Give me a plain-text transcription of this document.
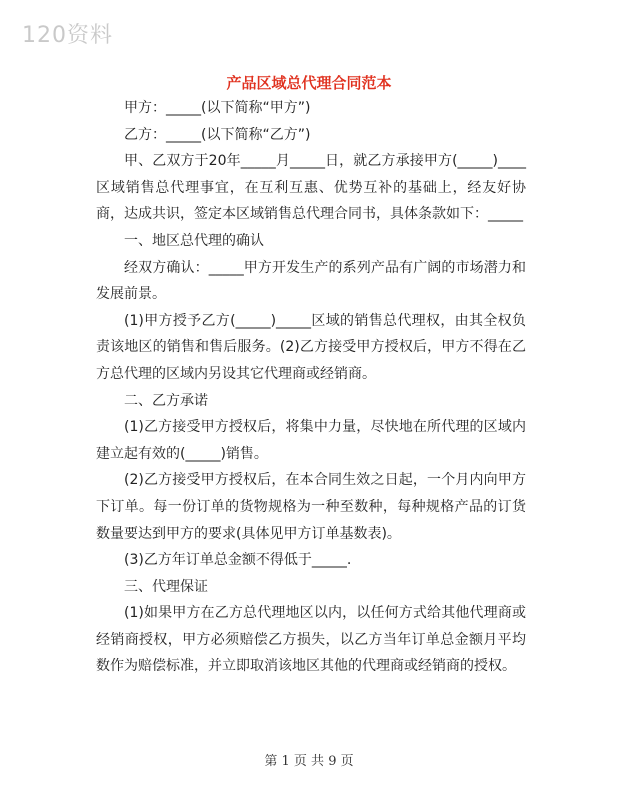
120资料
产品区域总代理合同范本

甲方：_____(以下简称“甲方”)

乙方：_____(以下简称“乙方”)

甲、乙双方于20年_____月_____日，就乙方承接甲方(_____)____区域销售总代理事宜，在互利互惠、优势互补的基础上，经友好协商，达成共识，签定本区域销售总代理合同书，具体条款如下：_____

一、地区总代理的确认

经双方确认：_____甲方开发生产的系列产品有广阔的市场潜力和发展前景。

(1)甲方授予乙方(_____)_____区域的销售总代理权，由其全权负责该地区的销售和售后服务。(2)乙方接受甲方授权后，甲方不得在乙方总代理的区域内另设其它代理商或经销商。

二、乙方承诺

(1)乙方接受甲方授权后，将集中力量，尽快地在所代理的区域内建立起有效的(_____)销售。

(2)乙方接受甲方授权后，在本合同生效之日起，一个月内向甲方下订单。每一份订单的货物规格为一种至数种，每种规格产品的订货数量要达到甲方的要求(具体见甲方订单基数表)。

(3)乙方年订单总金额不得低于_____.

三、代理保证

(1)如果甲方在乙方总代理地区以内，以任何方式给其他代理商或经销商授权，甲方必须赔偿乙方损失，以乙方当年订单总金额月平均数作为赔偿标准，并立即取消该地区其他的代理商或经销商的授权。

第 1 页 共 9 页
